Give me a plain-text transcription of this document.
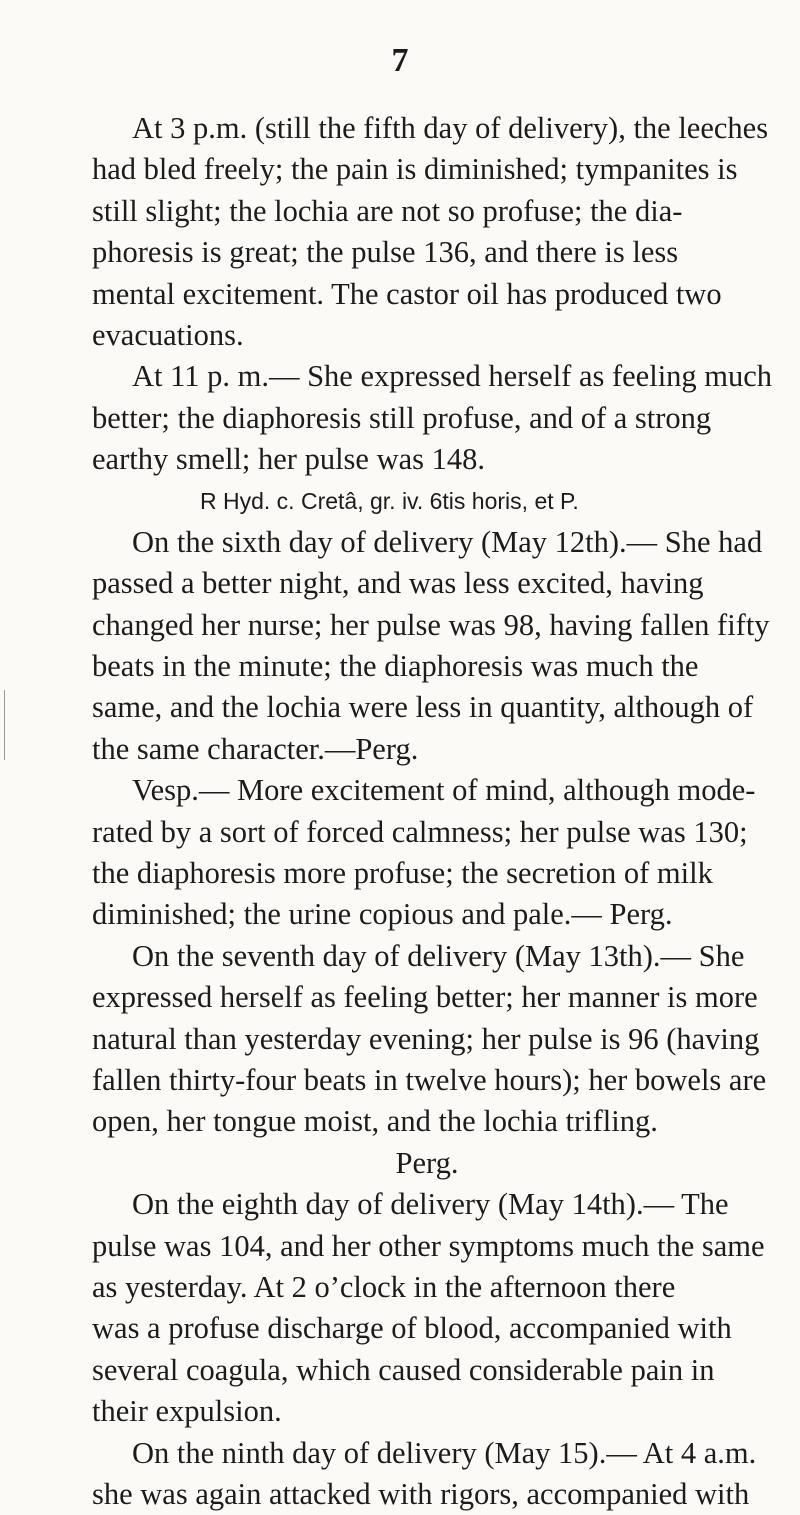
7
At 3 p.m. (still the fifth day of delivery), the leeches
had bled freely; the pain is diminished; tympanites is
still slight; the lochia are not so profuse; the dia-
phoresis is great; the pulse 136, and there is less
mental excitement. The castor oil has produced two
evacuations.
At 11 p. m.— She expressed herself as feeling much
better; the diaphoresis still profuse, and of a strong
earthy smell; her pulse was 148.
R Hyd. c. Cretâ, gr. iv. 6tis horis, et P.
On the sixth day of delivery (May 12th).— She had
passed a better night, and was less excited, having
changed her nurse; her pulse was 98, having fallen fifty
beats in the minute; the diaphoresis was much the
same, and the lochia were less in quantity, although of
the same character.—Perg.
Vesp.— More excitement of mind, although mode-
rated by a sort of forced calmness; her pulse was 130;
the diaphoresis more profuse; the secretion of milk
diminished; the urine copious and pale.— Perg.
On the seventh day of delivery (May 13th).— She
expressed herself as feeling better; her manner is more
natural than yesterday evening; her pulse is 96 (having
fallen thirty-four beats in twelve hours); her bowels are
open, her tongue moist, and the lochia trifling.
Perg.
On the eighth day of delivery (May 14th).— The
pulse was 104, and her other symptoms much the same
as yesterday. At 2 o’clock in the afternoon there
was a profuse discharge of blood, accompanied with
several coagula, which caused considerable pain in
their expulsion.
On the ninth day of delivery (May 15).— At 4 a.m.
she was again attacked with rigors, accompanied with
